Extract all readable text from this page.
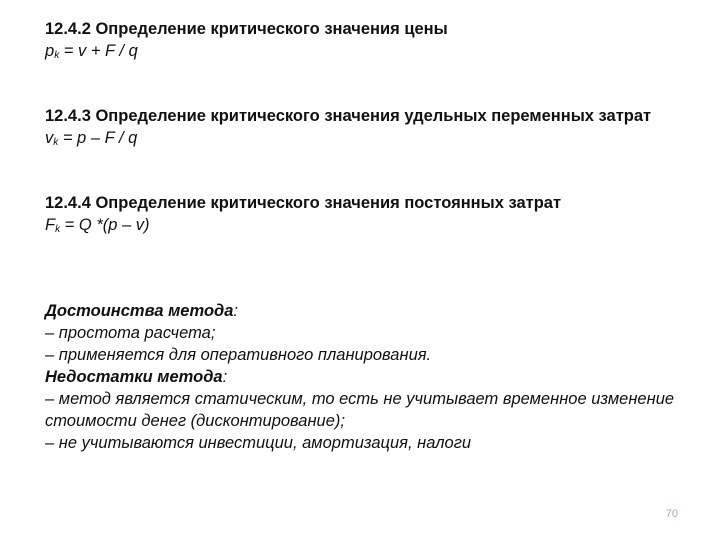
12.4.2 Определение критического значения цены
$p_k = v + F / q$
12.4.3 Определение критического значения удельных переменных затрат
$v_k = p - F / q$
12.4.4 Определение критического значения постоянных затрат
$F_k = Q$ *(p – v)
Достоинства метода:
– простота расчета;
– применяется для оперативного планирования.
Недостатки метода:
– метод является статическим, то есть не учитывает временное изменение стоимости денег (дисконтирование);
– не учитываются инвестиции, амортизация, налоги
70
